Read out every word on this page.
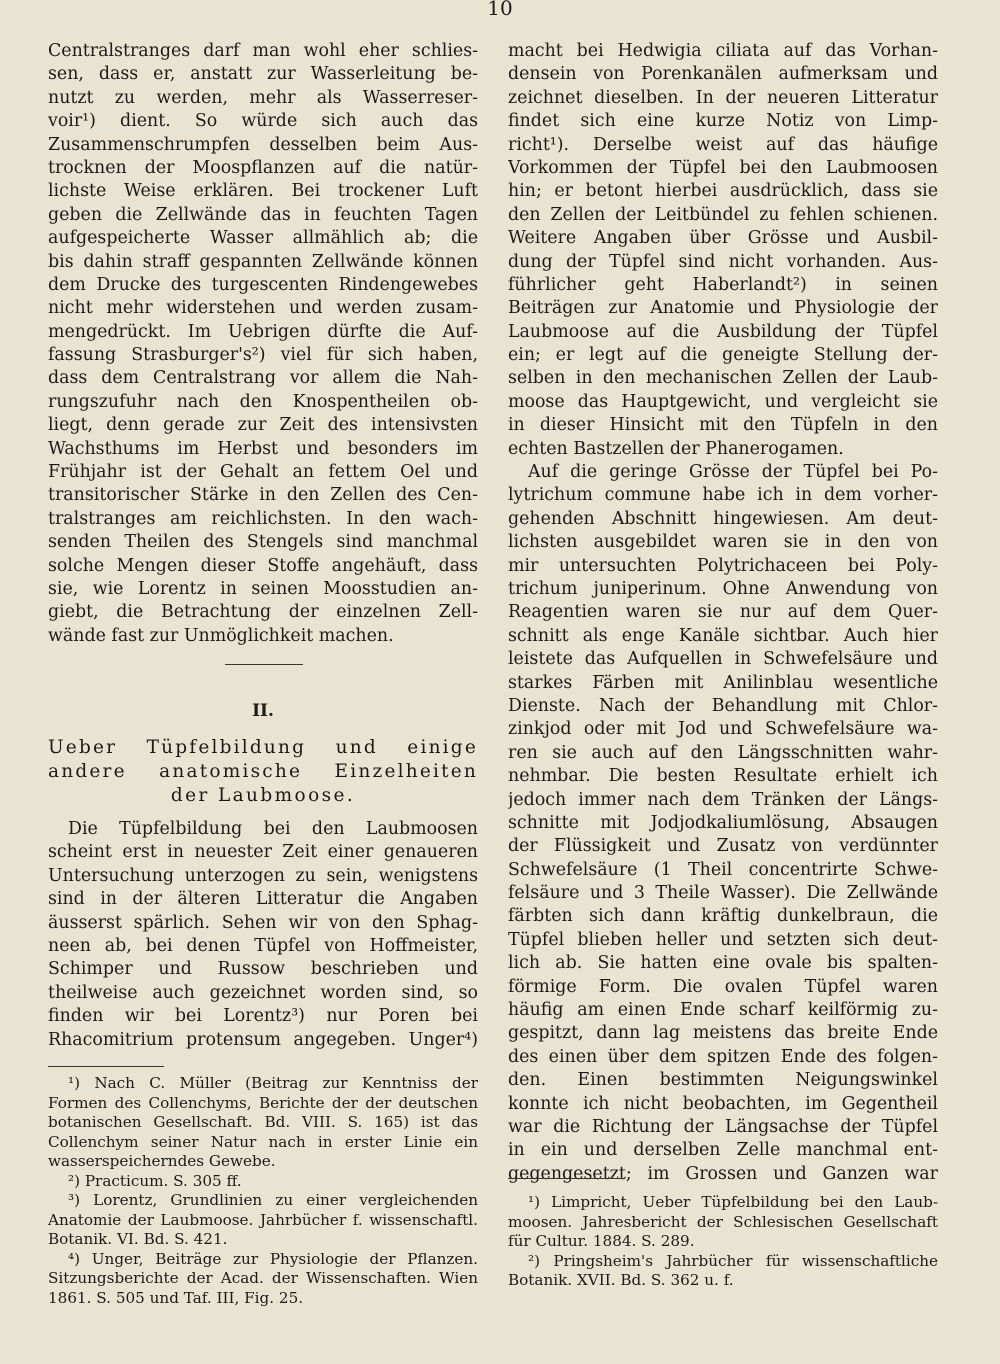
10
Centralstranges darf man wohl eher schlies-
sen, dass er, anstatt zur Wasserleitung be-
nutzt zu werden, mehr als Wasserreser-
voir¹) dient. So würde sich auch das
Zusammenschrumpfen desselben beim Aus-
trocknen der Moospflanzen auf die natür-
lichste Weise erklären. Bei trockener Luft
geben die Zellwände das in feuchten Tagen
aufgespeicherte Wasser allmählich ab; die
bis dahin straff gespannten Zellwände können
dem Drucke des turgescenten Rindengewebes
nicht mehr widerstehen und werden zusam-
mengedrückt. Im Uebrigen dürfte die Auf-
fassung Strasburger's²) viel für sich haben,
dass dem Centralstrang vor allem die Nah-
rungszufuhr nach den Knospentheilen ob-
liegt, denn gerade zur Zeit des intensivsten
Wachsthums im Herbst und besonders im
Frühjahr ist der Gehalt an fettem Oel und
transitorischer Stärke in den Zellen des Cen-
tralstranges am reichlichsten. In den wach-
senden Theilen des Stengels sind manchmal
solche Mengen dieser Stoffe angehäuft, dass
sie, wie Lorentz in seinen Moosstudien an-
giebt, die Betrachtung der einzelnen Zell-
wände fast zur Unmöglichkeit machen.
II.
Ueber Tüpfelbildung und einige
andere anatomische Einzelheiten
der Laubmoose.
Die Tüpfelbildung bei den Laubmoosen
scheint erst in neuester Zeit einer genaueren
Untersuchung unterzogen zu sein, wenigstens
sind in der älteren Litteratur die Angaben
äusserst spärlich. Sehen wir von den Sphag-
neen ab, bei denen Tüpfel von Hoffmeister,
Schimper und Russow beschrieben und
theilweise auch gezeichnet worden sind, so
finden wir bei Lorentz³) nur Poren bei
Rhacomitrium protensum angegeben. Unger⁴)
¹) Nach C. Müller (Beitrag zur Kenntniss der
Formen des Collenchyms, Berichte der der deutschen
botanischen Gesellschaft. Bd. VIII. S. 165) ist das
Collenchym seiner Natur nach in erster Linie ein
wasserspeicherndes Gewebe.
²) Practicum. S. 305 ff.
³) Lorentz, Grundlinien zu einer vergleichenden
Anatomie der Laubmoose. Jahrbücher f. wissenschaftl.
Botanik. VI. Bd. S. 421.
⁴) Unger, Beiträge zur Physiologie der Pflanzen.
Sitzungsberichte der Acad. der Wissenschaften. Wien
1861. S. 505 und Taf. III, Fig. 25.
macht bei Hedwigia ciliata auf das Vorhan-
densein von Porenkanälen aufmerksam und
zeichnet dieselben. In der neueren Litteratur
findet sich eine kurze Notiz von Limp-
richt¹). Derselbe weist auf das häufige
Vorkommen der Tüpfel bei den Laubmoosen
hin; er betont hierbei ausdrücklich, dass sie
den Zellen der Leitbündel zu fehlen schienen.
Weitere Angaben über Grösse und Ausbil-
dung der Tüpfel sind nicht vorhanden. Aus-
führlicher geht Haberlandt²) in seinen
Beiträgen zur Anatomie und Physiologie der
Laubmoose auf die Ausbildung der Tüpfel
ein; er legt auf die geneigte Stellung der-
selben in den mechanischen Zellen der Laub-
moose das Hauptgewicht, und vergleicht sie
in dieser Hinsicht mit den Tüpfeln in den
echten Bastzellen der Phanerogamen.
Auf die geringe Grösse der Tüpfel bei Po-
lytrichum commune habe ich in dem vorher-
gehenden Abschnitt hingewiesen. Am deut-
lichsten ausgebildet waren sie in den von
mir untersuchten Polytrichaceen bei Poly-
trichum juniperinum. Ohne Anwendung von
Reagentien waren sie nur auf dem Quer-
schnitt als enge Kanäle sichtbar. Auch hier
leistete das Aufquellen in Schwefelsäure und
starkes Färben mit Anilinblau wesentliche
Dienste. Nach der Behandlung mit Chlor-
zinkjod oder mit Jod und Schwefelsäure wa-
ren sie auch auf den Längsschnitten wahr-
nehmbar. Die besten Resultate erhielt ich
jedoch immer nach dem Tränken der Längs-
schnitte mit Jodjodkaliumlösung, Absaugen
der Flüssigkeit und Zusatz von verdünnter
Schwefelsäure (1 Theil concentrirte Schwe-
felsäure und 3 Theile Wasser). Die Zellwände
färbten sich dann kräftig dunkelbraun, die
Tüpfel blieben heller und setzten sich deut-
lich ab. Sie hatten eine ovale bis spalten-
förmige Form. Die ovalen Tüpfel waren
häufig am einen Ende scharf keilförmig zu-
gespitzt, dann lag meistens das breite Ende
des einen über dem spitzen Ende des folgen-
den. Einen bestimmten Neigungswinkel
konnte ich nicht beobachten, im Gegentheil
war die Richtung der Längsachse der Tüpfel
in ein und derselben Zelle manchmal ent-
gegengesetzt; im Grossen und Ganzen war
¹) Limpricht, Ueber Tüpfelbildung bei den Laub-
moosen. Jahresbericht der Schlesischen Gesellschaft
für Cultur. 1884. S. 289.
²) Pringsheim's Jahrbücher für wissenschaftliche
Botanik. XVII. Bd. S. 362 u. f.
